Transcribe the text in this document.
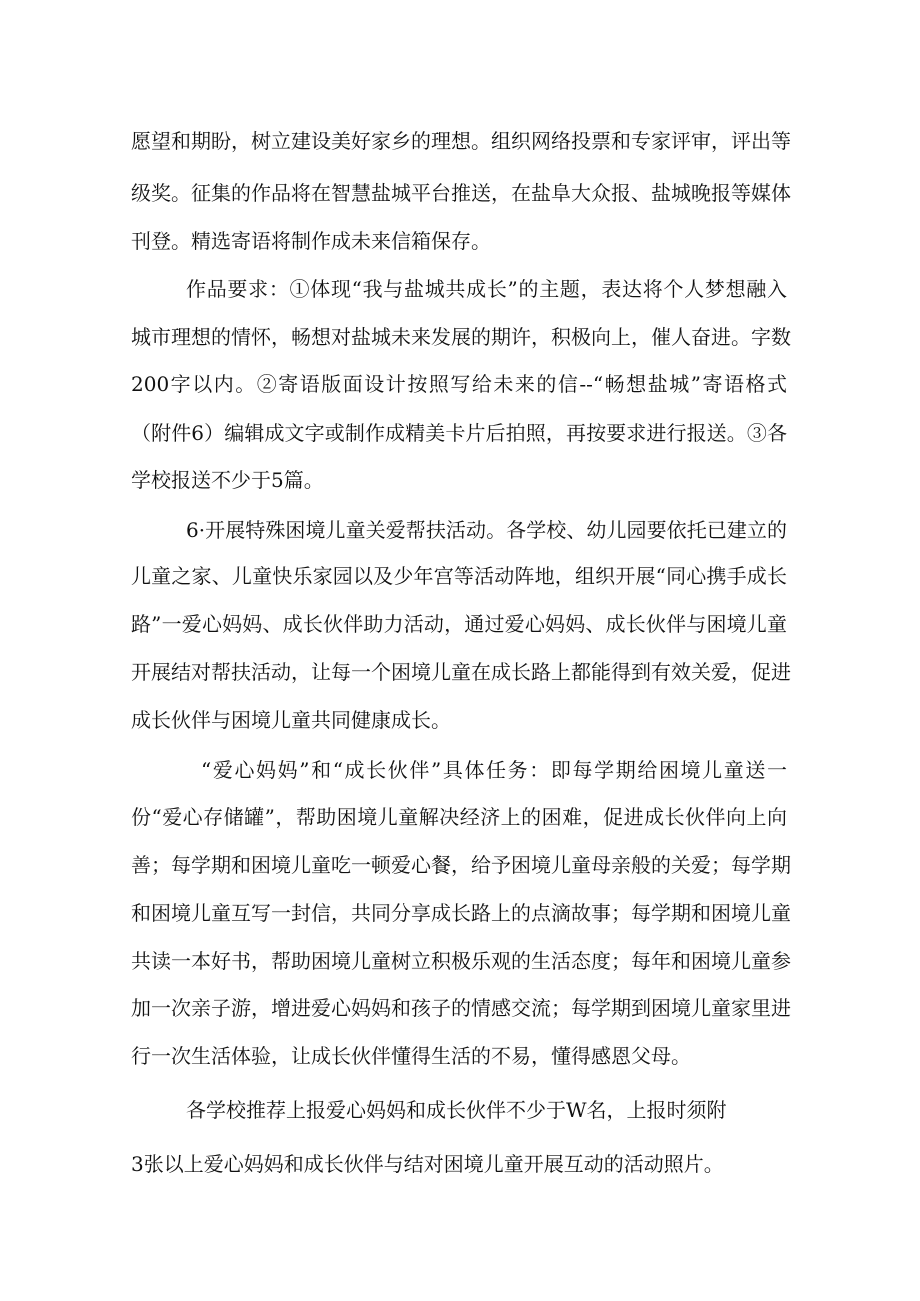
愿望和期盼，树立建设美好家乡的理想。组织网络投票和专家评审，评出等
级奖。征集的作品将在智慧盐城平台推送，在盐阜大众报、盐城晚报等媒体
刊登。精选寄语将制作成未来信箱保存。
作品要求：①体现“我与盐城共成长”的主题，表达将个人梦想融入
城市理想的情怀，畅想对盐城未来发展的期许，积极向上，催人奋进。字数
200字以内。②寄语版面设计按照写给未来的信--“畅想盐城”寄语格式
（附件6）编辑成文字或制作成精美卡片后拍照，再按要求进行报送。③各
学校报送不少于5篇。
6·开展特殊困境儿童关爱帮扶活动。各学校、幼儿园要依托已建立的
儿童之家、儿童快乐家园以及少年宫等活动阵地，组织开展“同心携手成长
路”一爱心妈妈、成长伙伴助力活动，通过爱心妈妈、成长伙伴与困境儿童
开展结对帮扶活动，让每一个困境儿童在成长路上都能得到有效关爱，促进
成长伙伴与困境儿童共同健康成长。
“爱心妈妈”和“成长伙伴”具体任务：即每学期给困境儿童送一
份“爱心存储罐”，帮助困境儿童解决经济上的困难，促进成长伙伴向上向
善；每学期和困境儿童吃一顿爱心餐，给予困境儿童母亲般的关爱；每学期
和困境儿童互写一封信，共同分享成长路上的点滴故事；每学期和困境儿童
共读一本好书，帮助困境儿童树立积极乐观的生活态度；每年和困境儿童参
加一次亲子游，增进爱心妈妈和孩子的情感交流；每学期到困境儿童家里进
行一次生活体验，让成长伙伴懂得生活的不易，懂得感恩父母。
各学校推荐上报爱心妈妈和成长伙伴不少于W名，上报时须附
3张以上爱心妈妈和成长伙伴与结对困境儿童开展互动的活动照片。
